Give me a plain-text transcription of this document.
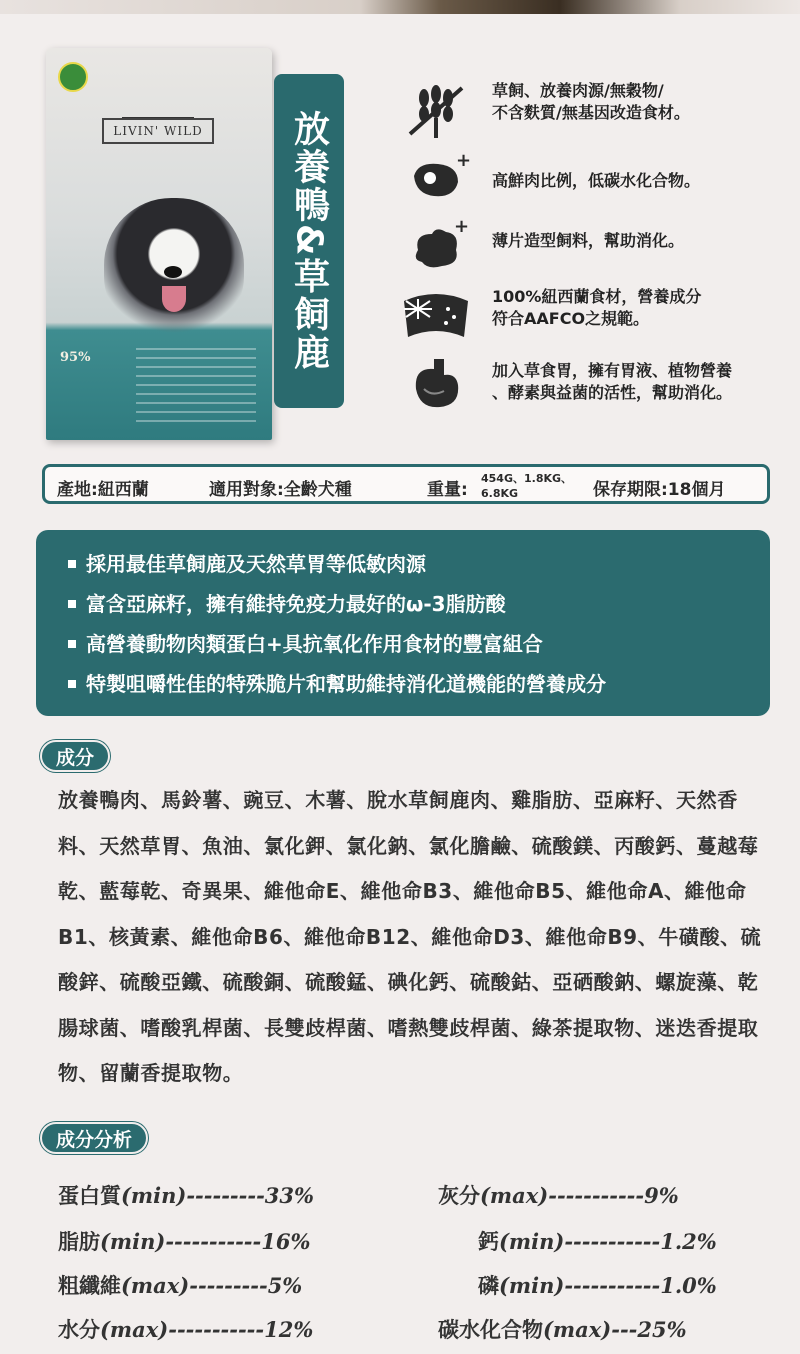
LIVIN' WILD
95%	放養鴨&草飼鹿
草飼、放養肉源/無穀物/
不含麩質/無基因改造食材。
+
高鮮肉比例，低碳水化合物。
+
薄片造型飼料，幫助消化。
100%紐西蘭食材，營養成分
符合AAFCO之規範。
加入草食胃，擁有胃液、植物營養
、酵素與益菌的活性，幫助消化。
產地:紐西蘭	適用對象:全齡犬種	重量:
454G、1.8KG、
6.8KG	保存期限:18個月
採用最佳草飼鹿及天然草胃等低敏肉源
富含亞麻籽，擁有維持免疫力最好的ω-3脂肪酸
高營養動物肉類蛋白+具抗氧化作用食材的豐富組合
特製咀嚼性佳的特殊脆片和幫助維持消化道機能的營養成分
成分
放養鴨肉、馬鈴薯、豌豆、木薯、脫水草飼鹿肉、雞脂肪、亞麻籽、天然香料、天然草胃、魚油、氯化鉀、氯化鈉、氯化膽鹼、硫酸鎂、丙酸鈣、蔓越莓乾、藍莓乾、奇異果、維他命E、維他命B3、維他命B5、維他命A、維他命B1、核黃素、維他命B6、維他命B12、維他命D3、維他命B9、牛磺酸、硫酸鋅、硫酸亞鐵、硫酸銅、硫酸錳、碘化鈣、硫酸鈷、亞硒酸鈉、螺旋藻、乾腸球菌、嗜酸乳桿菌、長雙歧桿菌、嗜熱雙歧桿菌、綠茶提取物、迷迭香提取物、留蘭香提取物。
成分分析
蛋白質(min)---------33%
脂肪(min)-----------16%
粗纖維(max)---------5%
水分(max)-----------12%
灰分(max)-----------9%
鈣(min)-----------1.2%
磷(min)-----------1.0%
碳水化合物(max)---25%
